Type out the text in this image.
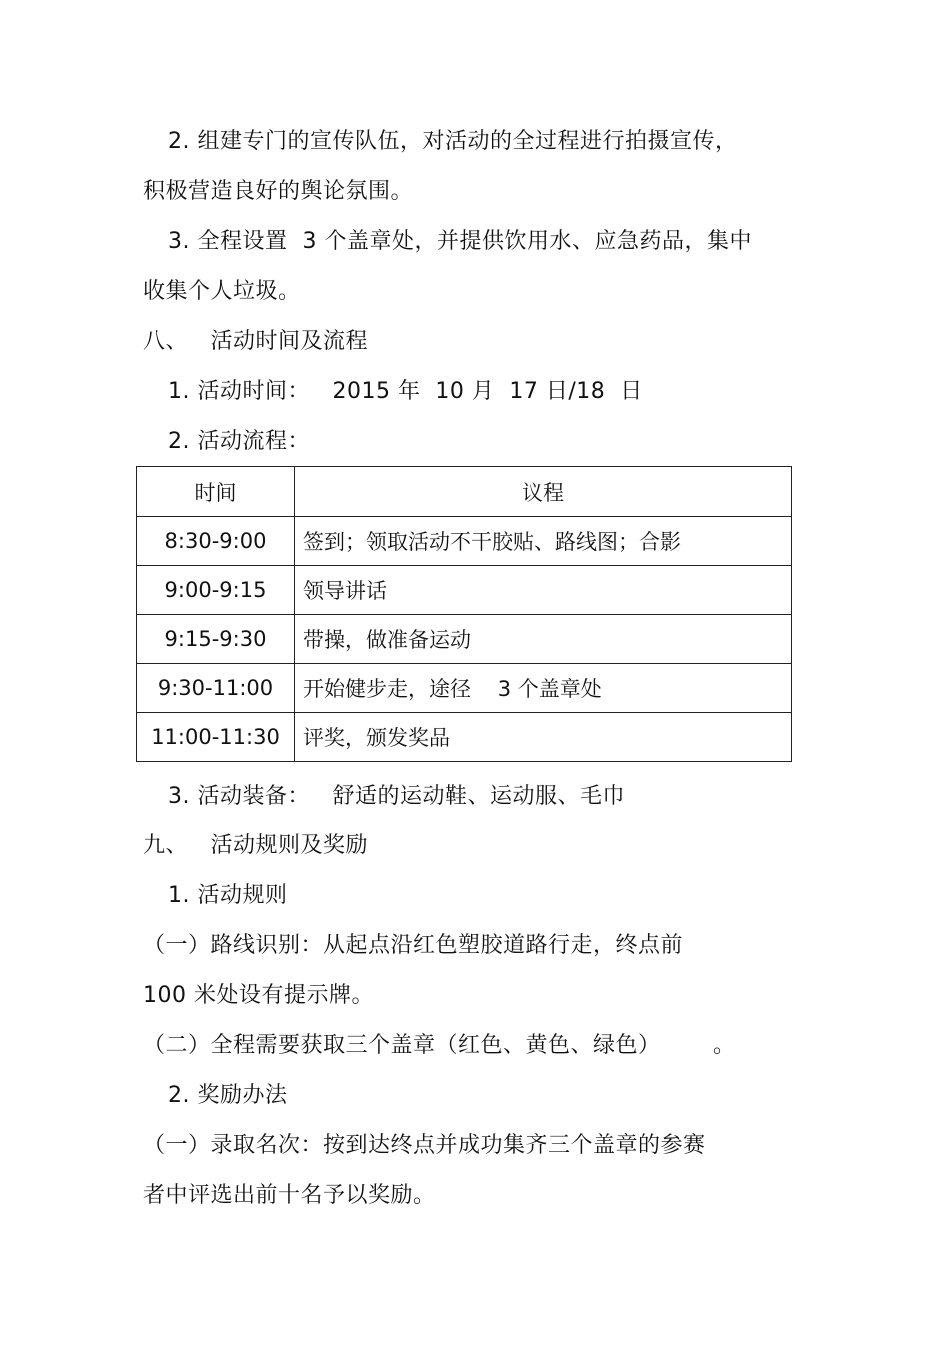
2. 组建专门的宣传队伍，对活动的全过程进行拍摄宣传，
积极营造良好的舆论氛围。
3. 全程设置  3 个盖章处，并提供饮用水、应急药品，集中
收集个人垃圾。
八、   活动时间及流程
1. 活动时间：   2015 年  10 月  17 日/18  日
2. 活动流程：
时间	议程
8:30-9:00	签到；领取活动不干胶贴、路线图；合影
9:00-9:15	领导讲话
9:15-9:30	带操，做准备运动
9:30-11:00	开始健步走，途径    3 个盖章处
11:00-11:30	评奖，颁发奖品
3. 活动装备：   舒适的运动鞋、运动服、毛巾
九、   活动规则及奖励
1. 活动规则
（一）路线识别：从起点沿红色塑胶道路行走，终点前
100 米处设有提示牌。
（二）全程需要获取三个盖章（红色、黄色、绿色）       。
2. 奖励办法
（一）录取名次：按到达终点并成功集齐三个盖章的参赛
者中评选出前十名予以奖励。
